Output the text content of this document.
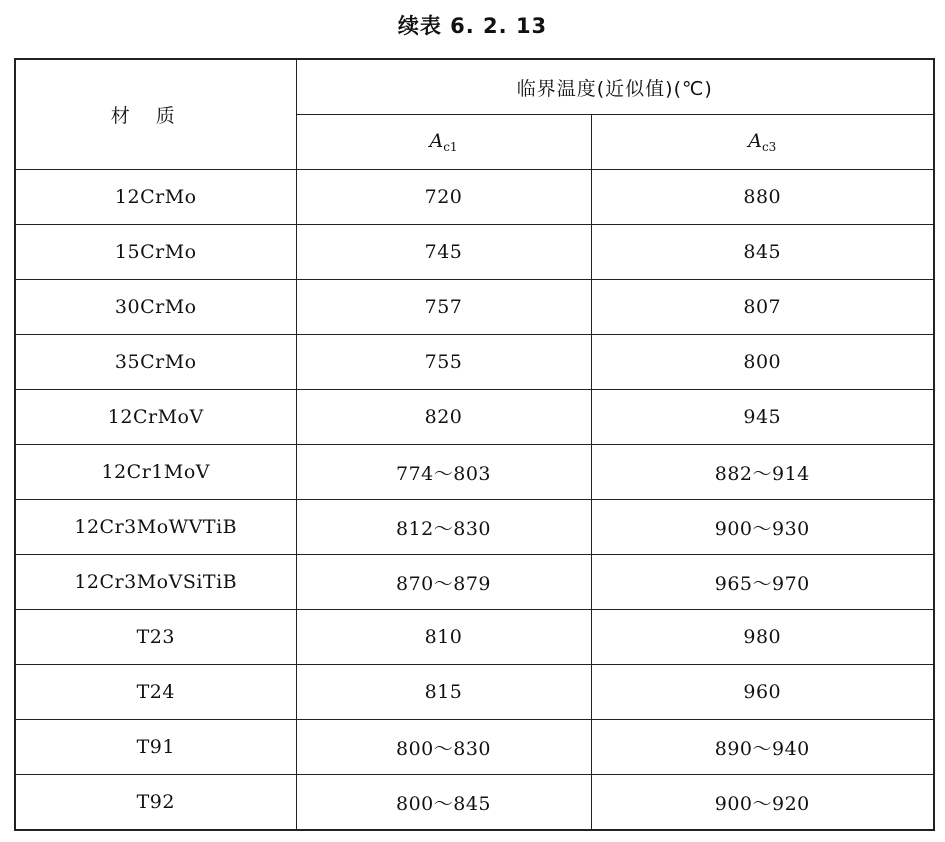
续表 6. 2. 13
材质	临界温度(近似值)(℃)	
	$A_{c1}$	$A_{c3}$
12CrMo	720	880
15CrMo	745	845
30CrMo	757	807
35CrMo	755	800
12CrMoV	820	945
12Cr1MoV	774～803	882～914
12Cr3MoWVTiB	812～830	900～930
12Cr3MoVSiTiB	870～879	965～970
T23	810	980
T24	815	960
T91	800～830	890～940
T92	800～845	900～920
